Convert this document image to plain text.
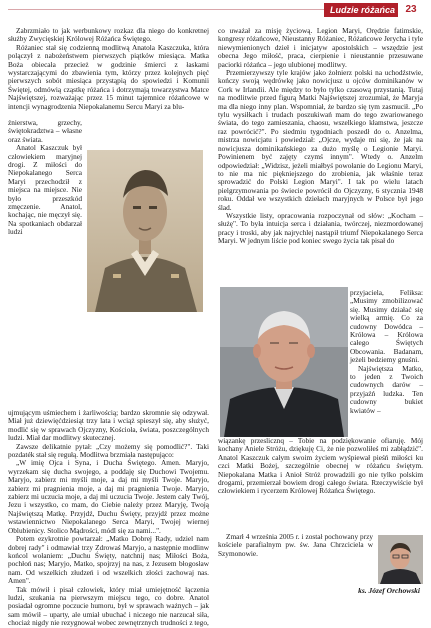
Ludzie różańca	23

Zabrzmiało to jak werbunkowy rozkaz dla niego do konkretnej służby Zwycięskiej Królowej Różańca Świętego.

Różaniec stał się codzienną modlitwą Anatola Kaszczuka, która polączył z nabożeństwem pierwszych piątków miesiąca. Matka Boża obiecała przecież w godzinie śmierci z łaskami wystarczającymi do zbawienia tym, którzy przez kolejnych pięć pierwszych sobót miesiąca przystąpią do spowiedzi i Komunii Świętej, odmówią cząstkę różańca i dotrzymają towarzystwa Matce Najświętszej, rozważając przez 15 minut tajemnice różańcowe w intencji wynagrodzenia Niepokalanemu Sercu Maryi za blu-

źnierstwa, grzechy, świętokradztwa – własne oraz świata.

Anatol Kaszczuk był człowiekiem maryjnej drogi. Z miłości do Niepokalanego Serca Maryi przechodził z miejsca na miejsce. Nie było przeszkód zmęczenie. Anatol, kochając, nie męczył się. Na spotkaniach obdarzał ludzi

ujmującym uśmiechem i żarliwością; bardzo skromnie się odzywał. Miał już dziewięćdziesiąt trzy lata i wciąż spieszył się, aby służyć, modlić się w sprawach Ojczyzny, Kościoła, świata, poszczególnych ludzi. Miał dar modlitwy skutecznej.

Zawsze delikatnie pytał: „Czy możemy się pomodlić?". Taki pozdaték stał się regułą. Modlitwa brzmiała następująco:

„W imię Ojca i Syna, i Ducha Świętego. Amen. Maryjo, wyrzekam się ducha swojego, a poddaję się Duchowi Twojemu. Maryjo, zabierz mi myśli moje, a daj mi myśli Twoje. Maryjo, zabierz mi pragnienia moje, a daj mi pragnienia Twoje. Maryjo, zabierz mi uczucia moje, a daj mi uczucia Twoje. Jestem cały Twój, Jezu i wszystko, co mam, do Ciebie należy przez Maryję, Twoją Najświętszą Matkę. Przyjdź, Duchu Święty, przyjdź przez możne wstawiennictwo Niepokalanego Serca Maryi, Twojej wiernej Oblubienicy. Stolico Mądrości, módl się za nami...".

Potem ezykrotnie powtarzał: „Matko Dobrej Rady, udziel nam dobrej rady" i odmawiał trzy Zdrowaś Maryjo, a następnie modlinw końcol wołaniem: „Duchu Święty, natchnij nas; Miłości Boża, pochłoń nas; Maryjo, Matko, spojrzyj na nas, z Jezusem błogosław nam. Od wszelkich złudzeń i od wszelkich złości zachowaj nas. Amen".

Tak mówił i pisał człowiek, który miał umiejętność łączenia ludzi, szukania na pierwszym miejscu tego, co dobre. Anatol posiadał ogromne poczucie humoru, był w sprawach ważnych – jak sam mówił – uparty, ale umiał ubuchać i niczego nie narzucał siła, chociaż nigdy nie rezygnował wobec zewnętrznych trudności z tego,

co uważał za misję życiową. Legion Maryi, Orędzie fatimskie, kongresy różańcowe, Nieustanny Różaniec, Różańcowe Jerycha i tyle niewymienionych dzieł i inicjatyw apostolskich – wszędzie jest obecna Jego miłość, praca, cierpienie i nieustannie przesuwane paciorki różańca – jego ulubionej modlitwy.

Przemierzywszy tyle krajów jako żołnierz polski na uchodźstwie, kończy swoją wędrówkę jako nowicjusz u ojców dominikanów w Cork w Irlandii. Ale między to było tylko czasową przystanią. Tutaj na modlitwie przed figurą Matki Najświętszej zrozumiał, że Maryja ma dla niego inny plan. Wspomniał, że bardzo się tym zasmucił. „Po tylu wysiłkach i trudach poszukiwań mam do tego zwariowanego świata, do tego zamieszania, chaosu, wszelkiego kłamstwa, jeszcze raz powrócić?". Po siedmiu tygodniach poszedł do o. Anzelma, mistrza nowicjatu i powiedział: „Ojcze, wydaje mi się, że jak na nowicjusza dominikańskiego za dużo myślę o Legionie Maryi. Powinienem być zajęty czymś innym". Wtedy o. Anzelm odpowiedział: „Widzisz, jeżeli miałbyś powołanie do Legionu Maryi, to nie ma nic piękniejszego do zrobienia, jak właśnie teraz sprowadzić do Polski Legion Maryi". I tak po wielu latach pielgrzymowania po świecie powrócił do Ojczyzny, 6 stycznia 1948 roku. Oddał we wszystkich dziełach maryjnych w Polsce był jego ślad.

Wszystkie listy, opracowania rozpoczynał od słów: „Kocham – służę". To była intuicja serca i działania, twórczej, niezmordowanej pracy i troski, aby jak najrychlej nastąpił triumf Niepokalanego Serca Maryi. W jednym liście pod koniec swego życia tak pisał do

przyjaciela, Feliksa: „Musimy zmobilizować się. Musimy działać się wielką armię. Co za cudowny Dowódca – Królowa – Królowa całego Świętych Obcowania. Badanam, jeżeli bedziemy gnuśni.

Najświętsza Matko, to jeden z Twoich cudownych darów – przyjaźń ludzka. Ten cudowny bukiet kwiatów –

wiązankę przeslicznq – Tobie na podziękowanie ofiaruję. Mój kochany Aniele Stróżu, dziękuję Ci, że nie pozwoliłeś mi zabłądzić". Anatol Kaszczuk całym swoim życiem wyśpiewał pieśń miłości ku czci Matki Bożej, szczególnie obecnej w różańcu świętym. Niepokalana Matka i Anioł Stróż prowadzili go nie tylko polskim drogami, przemierzał bowiem drogi całego świata. Rzeczywiście był człowiekiem i rycerzem Królowej Różańca Świętego.

Zmarł 4 września 2005 r. i został pochowany przy kościele parafialnym pw. św. Jana Chrzciciela w Szymonowie.

ks. Józef Orchowski
